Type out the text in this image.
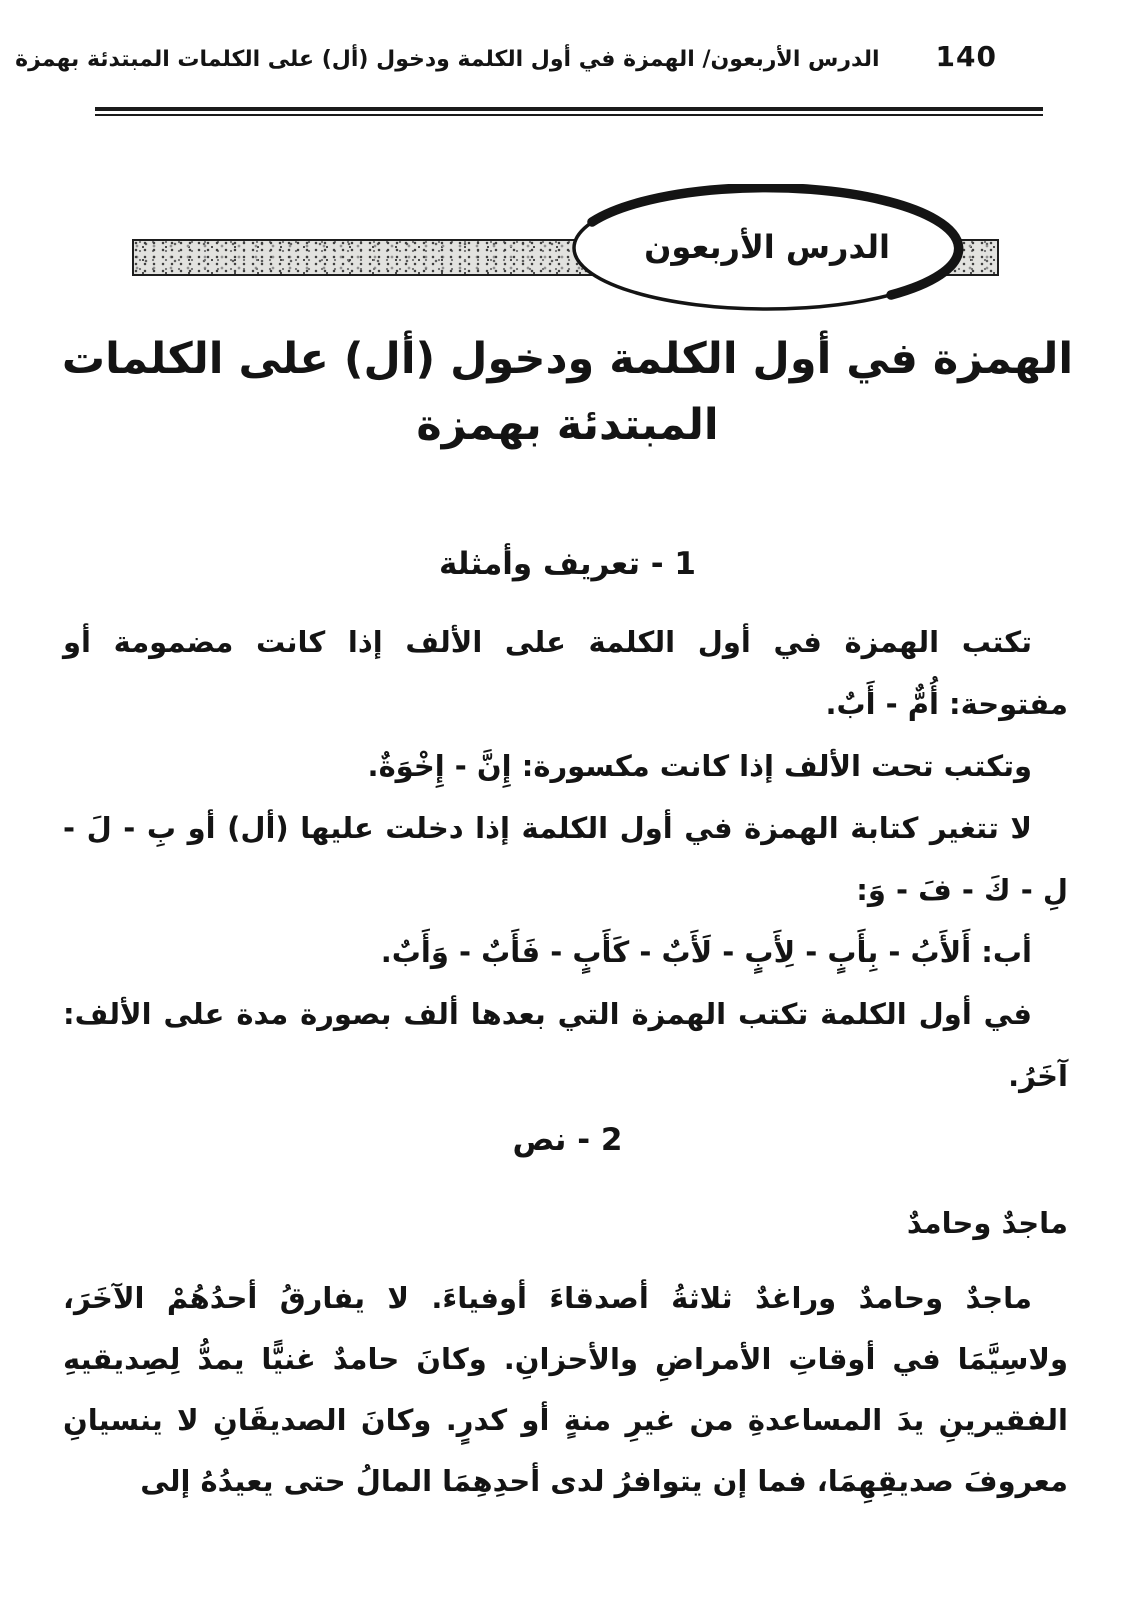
140
الدرس الأربعون/ الهمزة في أول الكلمة ودخول (أل) على الكلمات المبتدئة بهمزة
الدرس الأربعون
الهمزة في أول الكلمة ودخول (أل) على الكلمات
المبتدئة بهمزة
1 - تعريف وأمثلة

تكتب الهمزة في أول الكلمة على الألف إذا كانت مضمومة أو مفتوحة: أُمٌّ - أَبٌ.

وتكتب تحت الألف إذا كانت مكسورة: إِنَّ - إِخْوَةٌ.

لا تتغير كتابة الهمزة في أول الكلمة إذا دخلت عليها (أل) أو بِ - لَ - لِ - كَ - فَ - وَ:

أب: أَلأَبُ - بِأَبٍ - لِأَبٍ - لَأَبٌ - كَأَبٍ - فَأَبٌ - وَأَبٌ.

في أول الكلمة تكتب الهمزة التي بعدها ألف بصورة مدة على الألف: آخَرُ.

2 - نص
ماجدٌ وحامدٌ

ماجدٌ وحامدٌ وراغدٌ ثلاثةُ أصدقاءَ أوفياءَ. لا يفارقُ أحدُهُمْ الآخَرَ، ولاسِيَّمَا في أوقاتِ الأمراضِ والأحزانِ. وكانَ حامدٌ غنيًّا يمدُّ لِصِديقيهِ الفقيرينِ يدَ المساعدةِ من غيرِ منةٍ أو كدرٍ. وكانَ الصديقَانِ لا ينسيانِ معروفَ صديقِهِمَا، فما إن يتوافرُ لدى أحدِهِمَا المالُ حتى يعيدُهُ إلى
